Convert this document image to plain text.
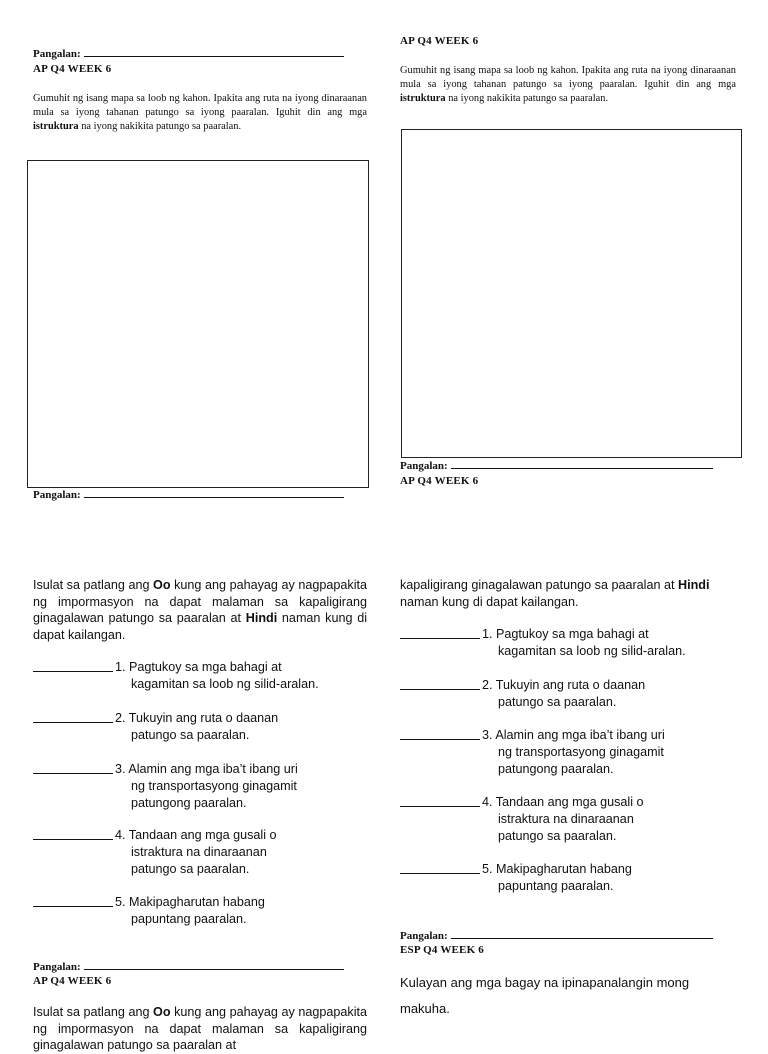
Pangalan:
AP Q4 WEEK 6
Gumuhit ng isang mapa sa loob ng kahon. Ipakita ang ruta na iyong dinaraanan mula sa iyong tahanan patungo sa iyong paaralan. Iguhit din ang mga istruktura na iyong nakikita patungo sa paaralan.
Pangalan:
AP Q4 WEEK 6
Gumuhit ng isang mapa sa loob ng kahon. Ipakita ang ruta na iyong dinaraanan mula sa iyong tahanan patungo sa iyong paaralan. Iguhit din ang mga istruktura na iyong nakikita patungo sa paaralan.
Pangalan:
AP Q4 WEEK 6
Isulat sa patlang ang Oo kung ang pahayag ay nagpapakita ng impormasyon na dapat malaman sa kapaligirang ginagalawan patungo sa paaralan at Hindi naman kung di dapat kailangan.
1. Pagtukoy sa mga bahagi at
kagamitan sa loob ng silid-aralan.
2. Tukuyin ang ruta o daanan
patungo sa paaralan.
3. Alamin ang mga iba’t ibang uri
ng transportasyong ginagamit
patungong paaralan.
4. Tandaan ang mga gusali o
istraktura na dinaraanan
patungo sa paaralan.
5. Makipagharutan habang
papuntang paaralan.
Pangalan:
AP Q4 WEEK 6
Isulat sa patlang ang Oo kung ang pahayag ay nagpapakita ng impormasyon na dapat malaman sa kapaligirang ginagalawan patungo sa paaralan at
kapaligirang ginagalawan patungo sa paaralan at Hindi
naman kung di dapat kailangan.
1. Pagtukoy sa mga bahagi at
kagamitan sa loob ng silid-aralan.
2. Tukuyin ang ruta o daanan
patungo sa paaralan.
3. Alamin ang mga iba’t ibang uri
ng transportasyong ginagamit
patungong paaralan.
4. Tandaan ang mga gusali o
istraktura na dinaraanan
patungo sa paaralan.
5. Makipagharutan habang
papuntang paaralan.
Pangalan:
ESP Q4 WEEK 6
Kulayan ang mga bagay na ipinapanalangin mong
makuha.
